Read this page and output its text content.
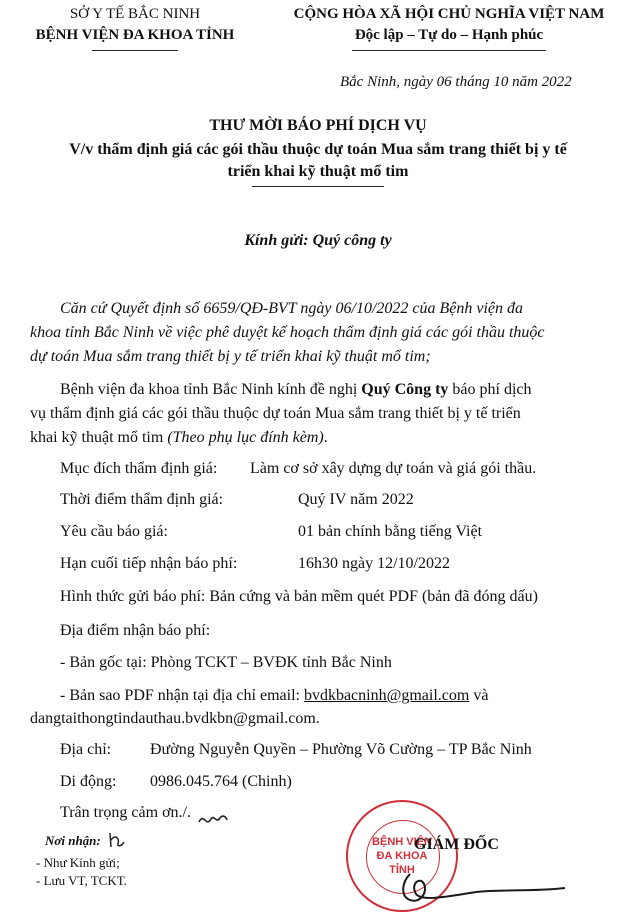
SỞ Y TẾ BẮC NINH
BỆNH VIỆN ĐA KHOA TỈNH
CỘNG HÒA XÃ HỘI CHỦ NGHĨA VIỆT NAM
Độc lập – Tự do – Hạnh phúc
Bắc Ninh, ngày 06 tháng 10 năm 2022
THƯ MỜI BÁO PHÍ DỊCH VỤ
V/v thẩm định giá các gói thầu thuộc dự toán Mua sắm trang thiết bị y tế
triển khai kỹ thuật mổ tim
Kính gửi: Quý công ty
Căn cứ Quyết định số 6659/QĐ-BVT ngày 06/10/2022 của Bệnh viện đa
khoa tỉnh Bắc Ninh về việc phê duyệt kế hoạch thẩm định giá các gói thầu thuộc
dự toán Mua sắm trang thiết bị y tế triển khai kỹ thuật mổ tim;
Bệnh viện đa khoa tỉnh Bắc Ninh kính đề nghị Quý Công ty báo phí dịch
vụ thẩm định giá các gói thầu thuộc dự toán Mua sắm trang thiết bị y tế triển
khai kỹ thuật mổ tim (Theo phụ lục đính kèm).
Mục đích thẩm định giá: Làm cơ sở xây dựng dự toán và giá gói thầu.
Thời điểm thẩm định giá:	Quý IV năm 2022
Yêu cầu báo giá:	01 bản chính bằng tiếng Việt
Hạn cuối tiếp nhận báo phí:	16h30 ngày 12/10/2022
Hình thức gửi báo phí: Bản cứng và bản mềm quét PDF (bản đã đóng dấu)
Địa điểm nhận báo phí:
- Bản gốc tại: Phòng TCKT – BVĐK tỉnh Bắc Ninh
- Bản sao PDF nhận tại địa chỉ email: bvdkbacninh@gmail.com và
dangtaithongtindauthau.bvdkbn@gmail.com.
Địa chỉ: Đường Nguyễn Quyền – Phường Võ Cường – TP Bắc Ninh
Di động: 0986.045.764 (Chinh)
Trân trọng cảm ơn./.
Nơi nhận:
- Như Kính gửi;
- Lưu VT, TCKT.
BỆNH VIỆN
ĐA KHOA
TỈNH
GIÁM ĐỐC
